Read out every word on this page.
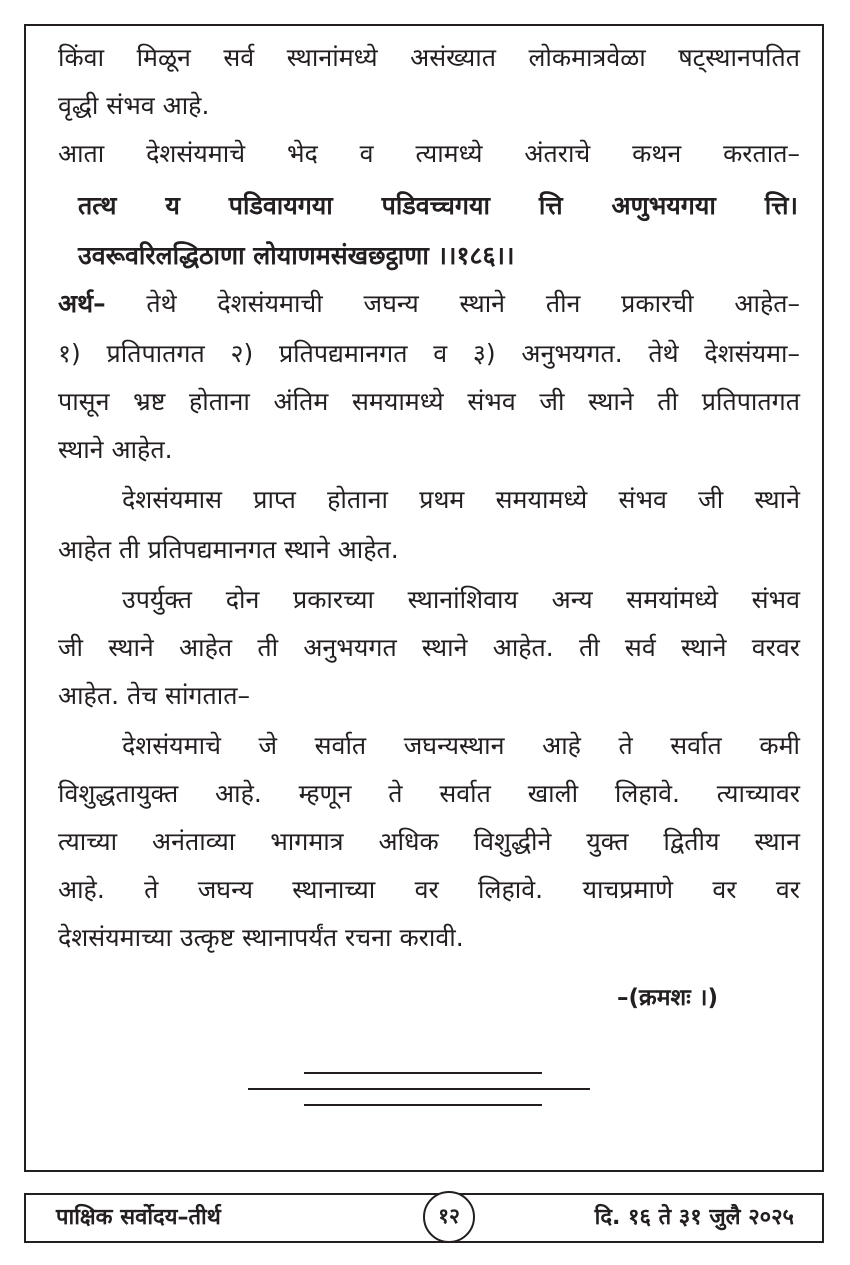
किंवा मिळून सर्व स्थानांमध्ये असंख्यात लोकमात्रवेळा षट्स्थानपतित
वृद्धी संभव आहे.
आता देशसंयमाचे भेद व त्यामध्ये अंतराचे कथन करतात–
तत्थ य पडिवायगया पडिवच्चगया त्ति अणुभयगया त्ति।
उवरूवरिलद्धिठाणा लोयाणमसंखछट्ठाणा ।।१८६।।
अर्थ– तेथे देशसंयमाची जघन्य स्थाने तीन प्रकारची आहेत–
१) प्रतिपातगत २) प्रतिपद्यमानगत व ३) अनुभयगत. तेथे देशसंयमा–
पासून भ्रष्ट होताना अंतिम समयामध्ये संभव जी स्थाने ती प्रतिपातगत
स्थाने आहेत.
देशसंयमास प्राप्त होताना प्रथम समयामध्ये संभव जी स्थाने
आहेत ती प्रतिपद्यमानगत स्थाने आहेत.
उपर्युक्त दोन प्रकारच्या स्थानांशिवाय अन्य समयांमध्ये संभव
जी स्थाने आहेत ती अनुभयगत स्थाने आहेत. ती सर्व स्थाने वरवर
आहेत. तेच सांगतात–
देशसंयमाचे जे सर्वात जघन्यस्थान आहे ते सर्वात कमी
विशुद्धतायुक्त आहे. म्हणून ते सर्वात खाली लिहावे. त्याच्यावर
त्याच्या अनंताव्या भागमात्र अधिक विशुद्धीने युक्त द्वितीय स्थान
आहे. ते जघन्य स्थानाच्या वर लिहावे. याचप्रमाणे वर वर
देशसंयमाच्या उत्कृष्ट स्थानापर्यंत रचना करावी.
–(क्रमशः ।)
पाक्षिक सर्वोदय–तीर्थ	१२	दि. १६ ते ३१ जुलै २०२५
